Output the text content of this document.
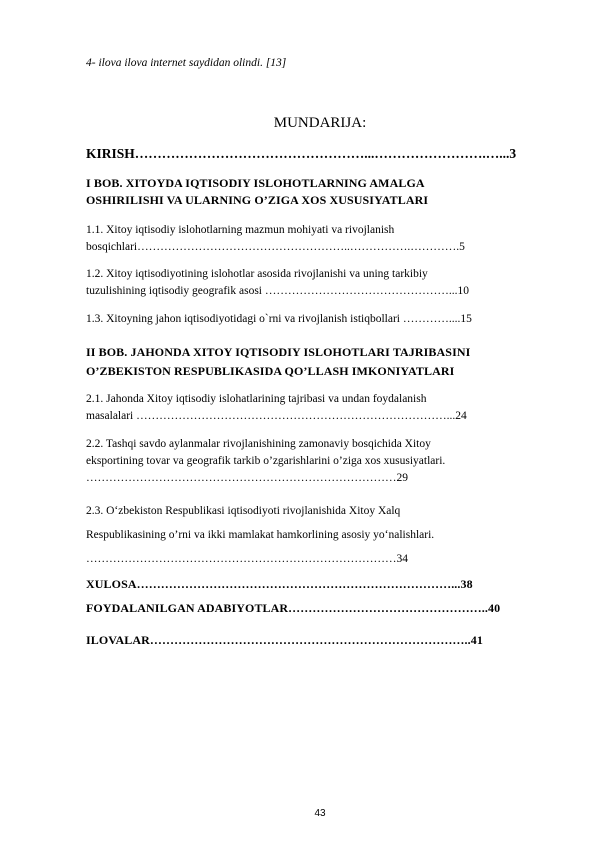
4- ilova ilova internet saydidan olindi. [13]
MUNDARIJA:
KIRISH……………………………………………...…………………….…...3
I BOB. XITOYDA IQTISODIY ISLOHOTLARNING AMALGA
OSHIRILISHI VA ULARNING O’ZIGA XOS XUSUSIYATLARI
1.1. Xitoy iqtisodiy islohotlarning mazmun mohiyati va rivojlanish
bosqichlari………………………………………………..…………….………….5
1.2. Xitoy iqtisodiyotining islohotlar asosida rivojlanishi va uning tarkibiy
tuzulishining iqtisodiy geografik asosi …………………………………………...10
1.3. Xitoyning jahon iqtisodiyotidagi o`rni va rivojlanish istiqbollari …………....15
II BOB. JAHONDA XITOY IQTISODIY ISLOHOTLARI TAJRIBASINI
O’ZBEKISTON RESPUBLIKASIDA QO’LLASH IMKONIYATLARI
2.1. Jahonda Xitoy iqtisodiy islohatlarining tajribasi va undan foydalanish
masalalari ………………………………………………………………………...24
2.2. Tashqi savdo aylanmalar rivojlanishining zamonaviy bosqichida Xitoy
eksportining tovar va geografik tarkib o’zgarishlarini o’ziga xos xususiyatlari.
………………………………………………………………………29
2.3. O‘zbekiston Respublikasi iqtisodiyoti rivojlanishida Xitoy Xalq
Respublikasining o’rni va ikki mamlakat hamkorlining asosiy yo‘nalishlari.
………………………………………………………………………34
XULOSA……………………………………………………………………...38
FOYDALANILGAN ADABIYOTLAR…………………………………………..40
ILOVALAR……………………………………………………………………..41
43
